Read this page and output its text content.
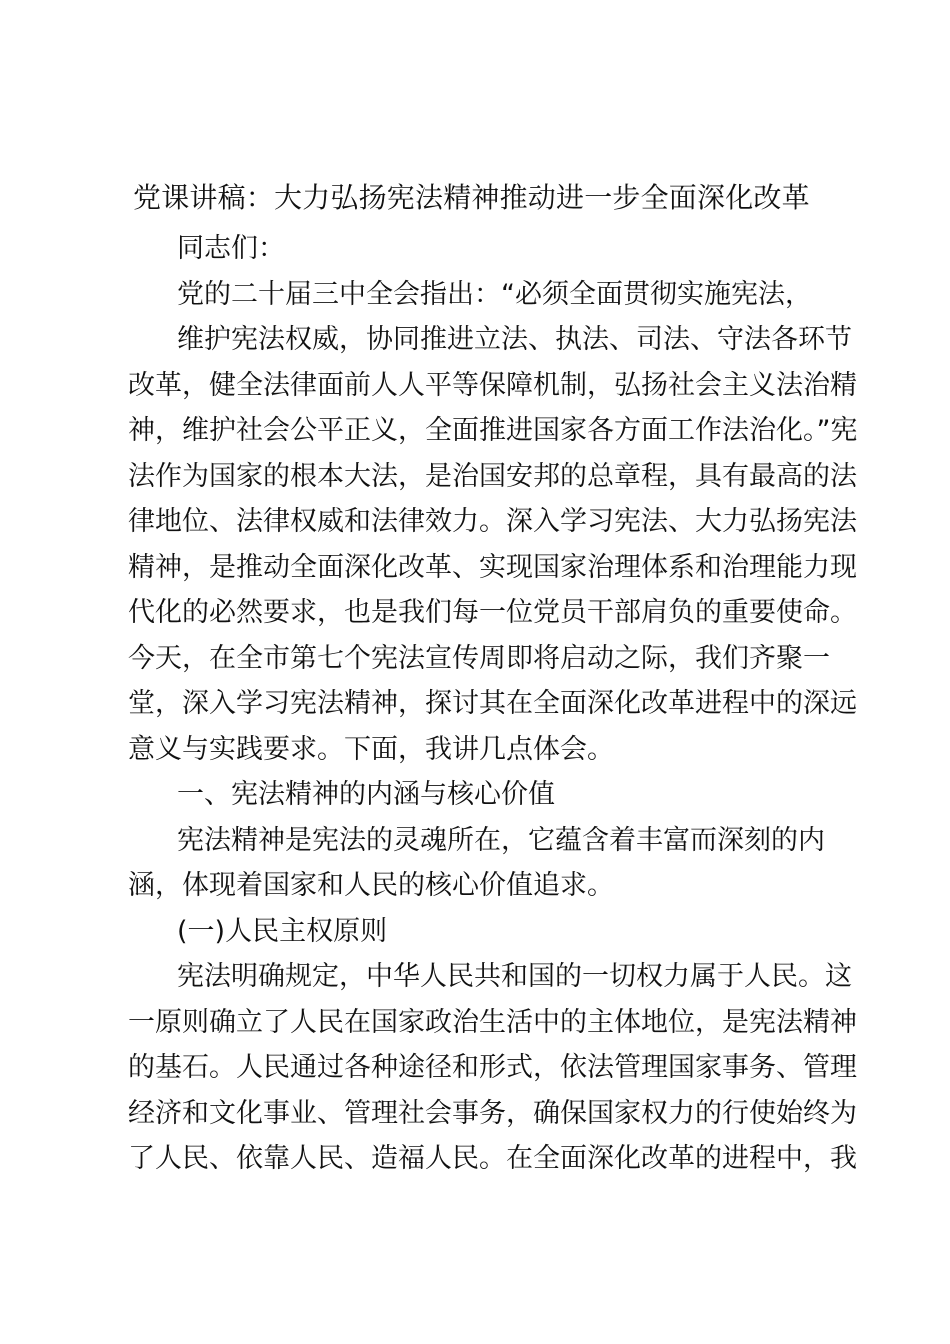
党课讲稿：大力弘扬宪法精神推动进一步全面深化改革
同志们：
党的二十届三中全会指出：“必须全面贯彻实施宪法，
维护宪法权威，协同推进立法、执法、司法、守法各环节
改革，健全法律面前人人平等保障机制，弘扬社会主义法治精
神，维护社会公平正义，全面推进国家各方面工作法治化。”宪
法作为国家的根本大法，是治国安邦的总章程，具有最高的法
律地位、法律权威和法律效力。深入学习宪法、大力弘扬宪法
精神，是推动全面深化改革、实现国家治理体系和治理能力现
代化的必然要求，也是我们每一位党员干部肩负的重要使命。
今天，在全市第七个宪法宣传周即将启动之际，我们齐聚一
堂，深入学习宪法精神，探讨其在全面深化改革进程中的深远
意义与实践要求。下面，我讲几点体会。
一、宪法精神的内涵与核心价值
宪法精神是宪法的灵魂所在，它蕴含着丰富而深刻的内
涵，体现着国家和人民的核心价值追求。
(一)人民主权原则
宪法明确规定，中华人民共和国的一切权力属于人民。这
一原则确立了人民在国家政治生活中的主体地位，是宪法精神
的基石。人民通过各种途径和形式，依法管理国家事务、管理
经济和文化事业、管理社会事务，确保国家权力的行使始终为
了人民、依靠人民、造福人民。在全面深化改革的进程中，我
